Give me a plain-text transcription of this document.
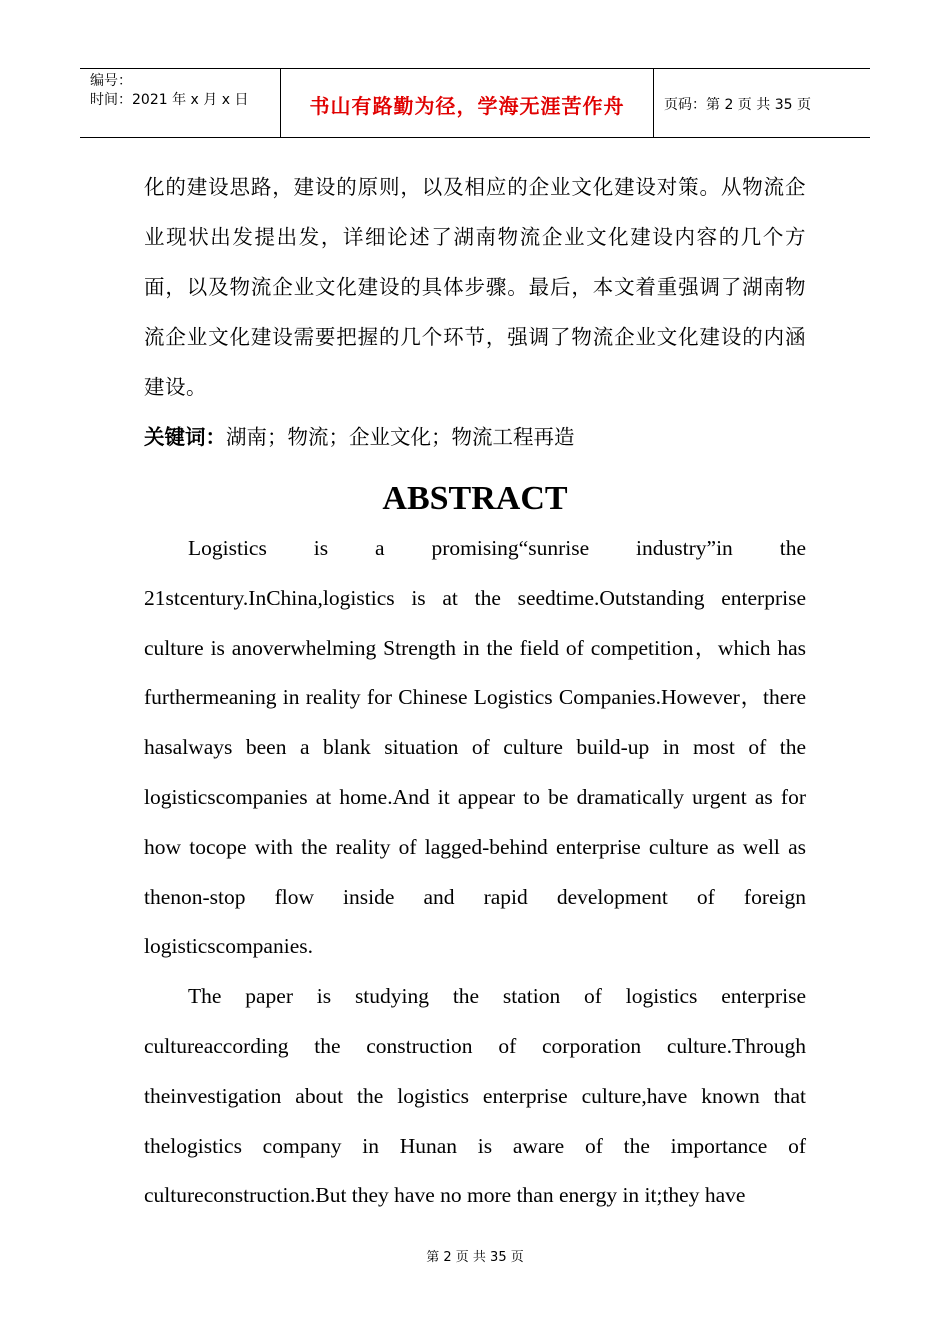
编号：
时间：2021 年 x 月 x 日	书山有路勤为径，学海无涯苦作舟	页码：第 2 页 共 35 页

化的建设思路，建设的原则，以及相应的企业文化建设对策。从物流企业现状出发提出发，详细论述了湖南物流企业文化建设内容的几个方面，以及物流企业文化建设的具体步骤。最后，本文着重强调了湖南物流企业文化建设需要把握的几个环节，强调了物流企业文化建设的内涵建设。

关键词：湖南；物流；企业文化；物流工程再造

ABSTRACT

Logistics is a promising“sunrise industry”in the 21stcentury.InChina,logistics is at the seedtime.Outstanding enterprise culture is anoverwhelming Strength in the field of competition，which has furthermeaning in reality for Chinese Logistics Companies.However，there hasalways been a blank situation of culture build-up in most of the logisticscompanies at home.And it appear to be dramatically urgent as for how tocope with the reality of lagged-behind enterprise culture as well as thenon-stop flow inside and rapid development of foreign logisticscompanies.

The paper is studying the station of logistics enterprise cultureaccording the construction of corporation culture.Through theinvestigation about the logistics enterprise culture,have known that thelogistics company in Hunan is aware of the importance of cultureconstruction.But they have no more than energy in it;they have

第 2 页 共 35 页
